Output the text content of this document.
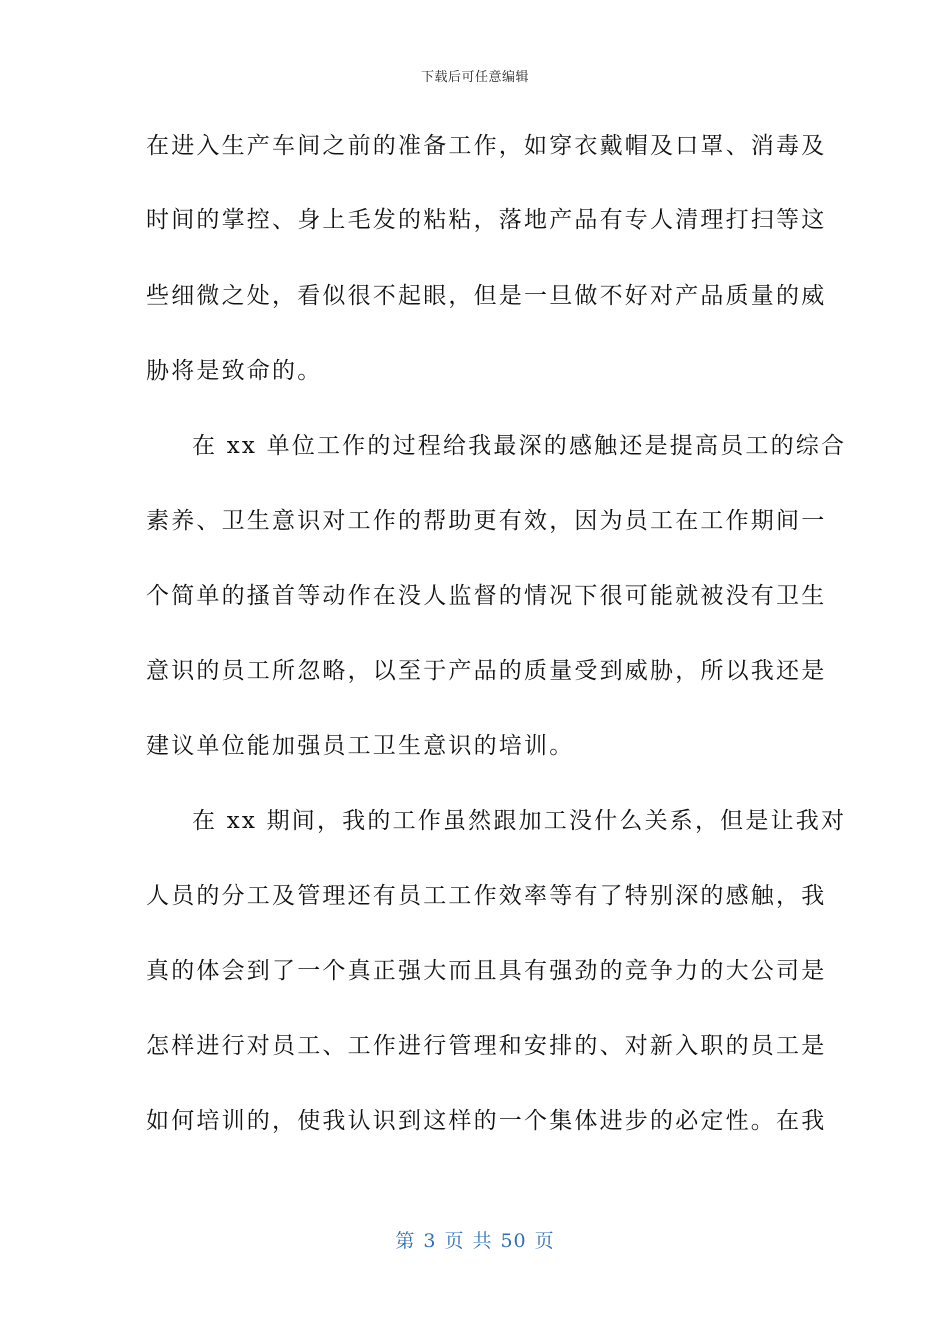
下载后可任意编辑
在进入生产车间之前的准备工作，如穿衣戴帽及口罩、消毒及
时间的掌控、身上毛发的粘粘，落地产品有专人清理打扫等这
些细微之处，看似很不起眼，但是一旦做不好对产品质量的威
胁将是致命的。
在 xx 单位工作的过程给我最深的感触还是提高员工的综合
素养、卫生意识对工作的帮助更有效，因为员工在工作期间一
个简单的搔首等动作在没人监督的情况下很可能就被没有卫生
意识的员工所忽略，以至于产品的质量受到威胁，所以我还是
建议单位能加强员工卫生意识的培训。
在 xx 期间，我的工作虽然跟加工没什么关系，但是让我对
人员的分工及管理还有员工工作效率等有了特别深的感触，我
真的体会到了一个真正强大而且具有强劲的竞争力的大公司是
怎样进行对员工、工作进行管理和安排的、对新入职的员工是
如何培训的，使我认识到这样的一个集体进步的必定性。在我
第 3 页 共 50 页
